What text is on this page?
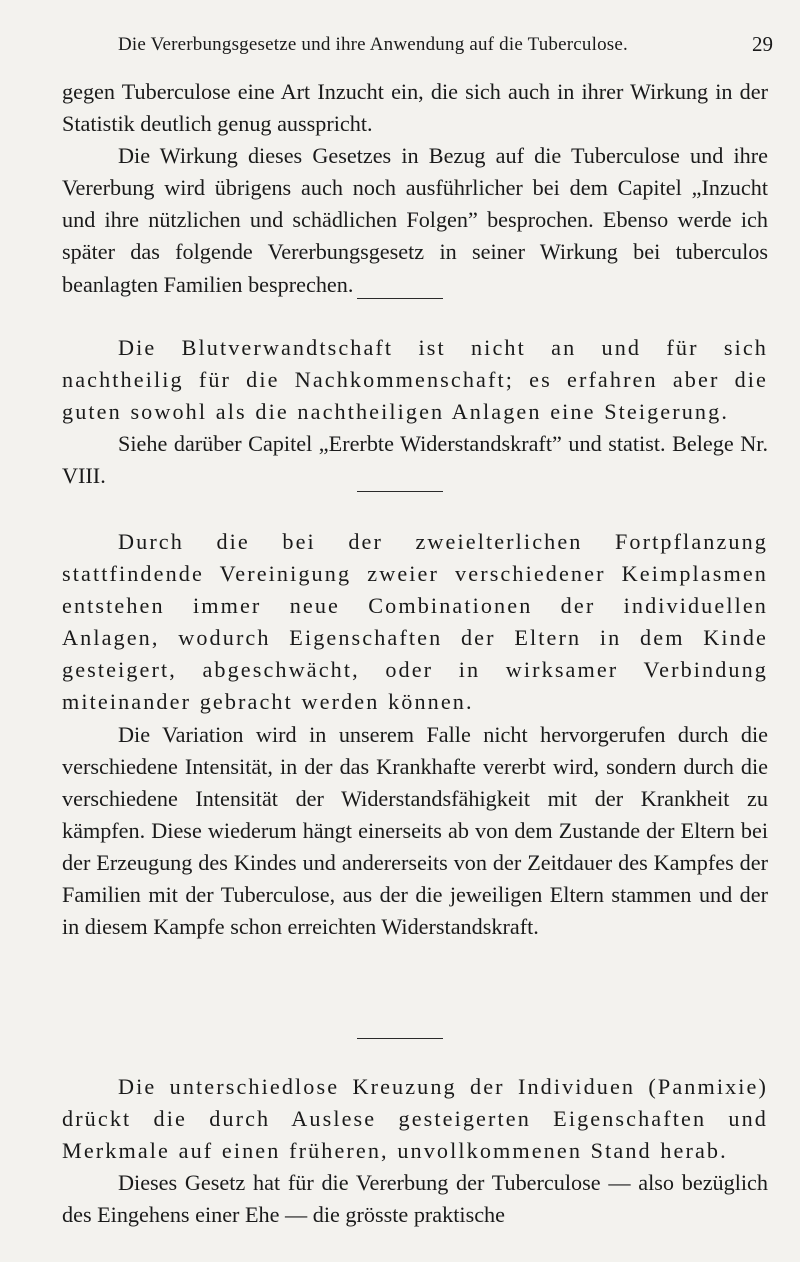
Die Vererbungsgesetze und ihre Anwendung auf die Tuberculose.	29

gegen Tuberculose eine Art Inzucht ein, die sich auch in ihrer Wirkung in der Statistik deutlich genug ausspricht.

Die Wirkung dieses Gesetzes in Bezug auf die Tuberculose und ihre Vererbung wird übrigens auch noch ausführlicher bei dem Capitel „Inzucht und ihre nützlichen und schädlichen Folgen” besprochen. Ebenso werde ich später das folgende Vererbungsgesetz in seiner Wirkung bei tuberculos beanlagten Familien besprechen.

Die Blutverwandtschaft ist nicht an und für sich nachtheilig für die Nachkommenschaft; es erfahren aber die guten sowohl als die nachtheiligen Anlagen eine Steigerung.

Siehe darüber Capitel „Ererbte Widerstandskraft” und statist. Belege Nr. VIII.

Durch die bei der zweielterlichen Fortpflanzung stattfindende Vereinigung zweier verschiedener Keimplasmen entstehen immer neue Combinationen der individuellen Anlagen, wodurch Eigenschaften der Eltern in dem Kinde gesteigert, abgeschwächt, oder in wirksamer Verbindung miteinander gebracht werden können.

Die Variation wird in unserem Falle nicht hervorgerufen durch die verschiedene Intensität, in der das Krankhafte vererbt wird, sondern durch die verschiedene Intensität der Widerstandsfähigkeit mit der Krankheit zu kämpfen. Diese wiederum hängt einerseits ab von dem Zustande der Eltern bei der Erzeugung des Kindes und andererseits von der Zeitdauer des Kampfes der Familien mit der Tuberculose, aus der die jeweiligen Eltern stammen und der in diesem Kampfe schon erreichten Widerstandskraft.

Die unterschiedlose Kreuzung der Individuen (Panmixie) drückt die durch Auslese gesteigerten Eigenschaften und Merkmale auf einen früheren, unvollkommenen Stand herab.

Dieses Gesetz hat für die Vererbung der Tuberculose — also bezüglich des Eingehens einer Ehe — die grösste praktische
